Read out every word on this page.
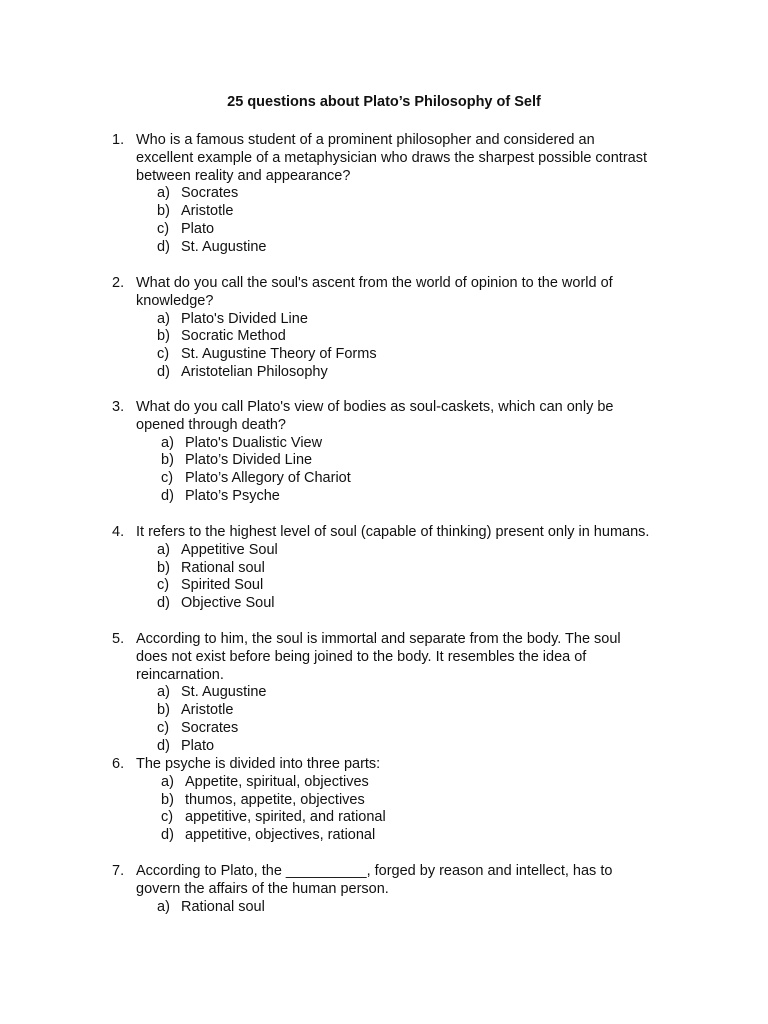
25 questions about Plato’s Philosophy of Self
1. Who is a famous student of a prominent philosopher and considered an excellent example of a metaphysician who draws the sharpest possible contrast between reality and appearance?
a) Socrates
b) Aristotle
c) Plato
d) St. Augustine
2. What do you call the soul's ascent from the world of opinion to the world of knowledge?
a) Plato's Divided Line
b) Socratic Method
c) St. Augustine Theory of Forms
d) Aristotelian Philosophy
3. What do you call Plato's view of bodies as soul-caskets, which can only be opened through death?
a) Plato's Dualistic View
b) Plato’s Divided Line
c) Plato’s Allegory of Chariot
d) Plato’s Psyche
4. It refers to the highest level of soul (capable of thinking) present only in humans.
a) Appetitive Soul
b) Rational soul
c) Spirited Soul
d) Objective Soul
5. According to him, the soul is immortal and separate from the body. The soul does not exist before being joined to the body. It resembles the idea of reincarnation.
a) St. Augustine
b) Aristotle
c) Socrates
d) Plato
6. The psyche is divided into three parts:
a) Appetite, spiritual, objectives
b) thumos, appetite, objectives
c) appetitive, spirited, and rational
d) appetitive, objectives, rational
7. According to Plato, the __________, forged by reason and intellect, has to govern the affairs of the human person.
a) Rational soul
